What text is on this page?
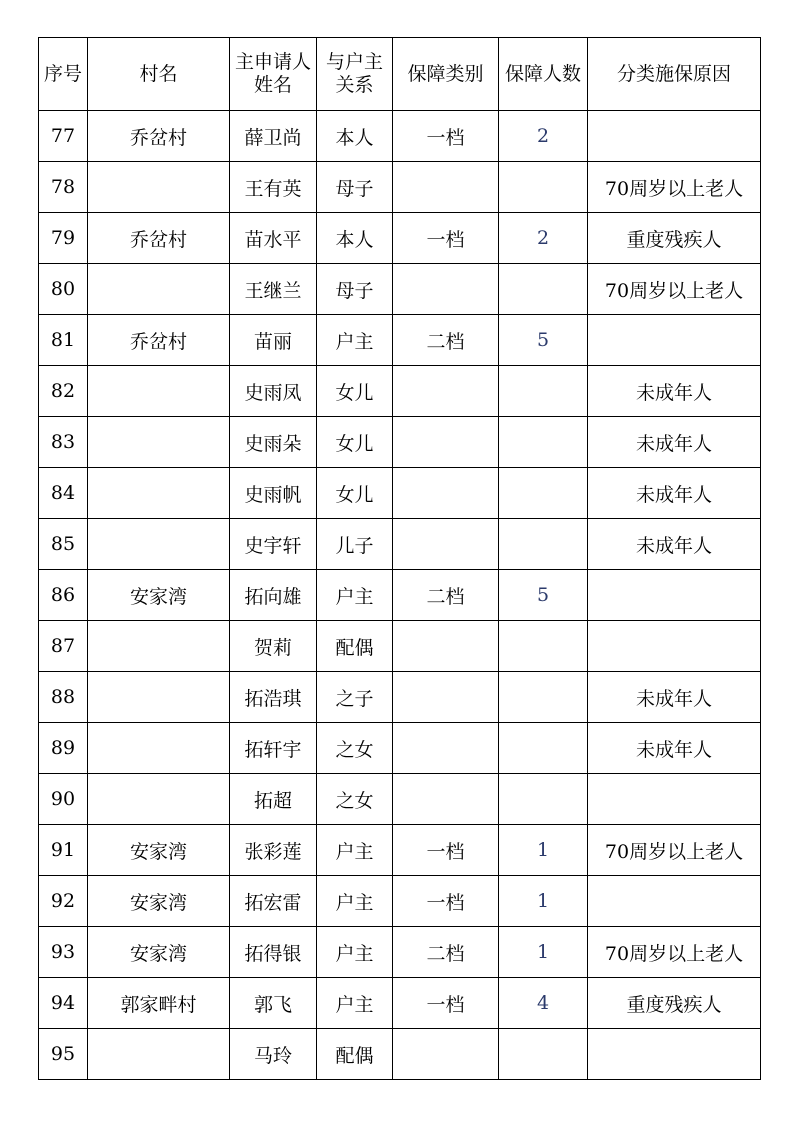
序号	村名	主申请人姓名	与户主关系	保障类别	保障人数	分类施保原因
77	乔岔村	薛卫尚	本人	一档	2	
78		王有英	母子			70周岁以上老人
79	乔岔村	苗水平	本人	一档	2	重度残疾人
80		王继兰	母子			70周岁以上老人
81	乔岔村	苗丽	户主	二档	5	
82		史雨凤	女儿			未成年人
83		史雨朵	女儿			未成年人
84		史雨帆	女儿			未成年人
85		史宇轩	儿子			未成年人
86	安家湾	拓向雄	户主	二档	5	
87		贺莉	配偶			
88		拓浩琪	之子			未成年人
89		拓轩宇	之女			未成年人
90		拓超	之女			
91	安家湾	张彩莲	户主	一档	1	70周岁以上老人
92	安家湾	拓宏雷	户主	一档	1	
93	安家湾	拓得银	户主	二档	1	70周岁以上老人
94	郭家畔村	郭飞	户主	一档	4	重度残疾人
95		马玲	配偶			
